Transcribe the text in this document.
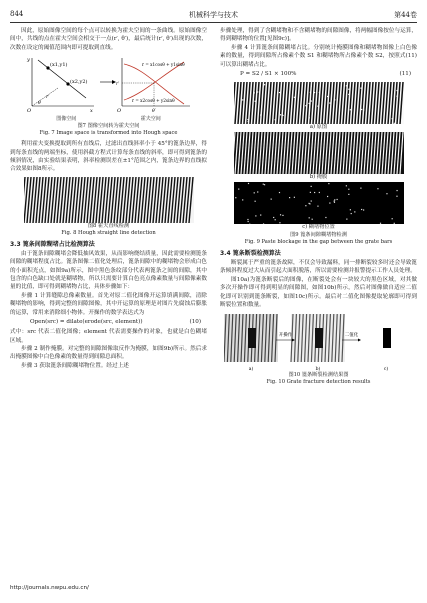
844	机械科学与技术	第44卷

因此，原始图像空间的每个点可以转换为霍夫空间的一条曲线。原始图像空间中，共线的点在霍夫空间会相交于一点(r′, θ′)，最后统计(r′, θ′)出现的次数，次数在设定的阈值范围内即可提取到直线。

(x1,y1)
(x2,y2)
x
y
O
r
θ
r = x1cosθ + y1sinθ
r = x2cosθ + y2sinθ
r′
θ′
O
图像空间	霍夫空间

图7 图像空间转为霍夫空间

Fig. 7 Image space is transformed into Hough space

利用霍夫变换提取到所有直线后，过滤出直线斜率小于 45°的篦条边界，得到每条直线的两端坐标，使用斜截方程式计算每条直线的斜率，即可得到篦条的倾斜情况，由实验结果表明，斜率检测误差在±1°范围之内，篦条边界的直线拟合效果如图8所示。

图8 霍夫直线检测

Fig. 8 Hough straight line detection

3.3 篦条间隙糊堵占比检测算法

由于篦条间隙糊堵会降低抽风效果，从而影响烧结质量，因此需要检测篦条间隙的糊堵程度占比。篦条图像二值化处理后，篦条间隙中的糊堵物会形成白色的小面积光点，如图9a)所示，图中黑色条纹部分代表两篦条之间的间隙，其中包含的白色缺口处就是糊堵物，所以只需要计算白色亮点像素数量与间隙像素数量的比值，即可得到糊堵物占比，具体步骤如下：

步骤 1 计算缝隙总像素数量。首先对原二值化图像开运算填满间隙，清除糊堵物的影响，得到完整的间隙图像，其中开运算的原理是对图片先腐蚀后膨胀的运算，常用来消除细小物体。开操作的数学表达式为

Open(src) = dilate(erode(src, element))	(10)

式中：src 代表二值化图像；element 代表需要操作的对象，也就是白色糊堵区域。

步骤 2 制作掩膜。对完整的间隙图像取反作为掩膜，如图9b)所示。然后求出掩膜图像中白色像素的数量得到间隙总面积。

步骤 3 获取篦条间隙糊堵物位置。经过上述

http://journals.nwpu.edu.cn/

步骤处理，得到了含糊堵物和不含糊堵物的间隙图像，将两幅图像按位与运算，得到糊堵物的位置[见图9c)]。

步骤 4 计算篦条间隙糊堵占比。分别统计掩膜图像和糊堵物图像上白色像素的数量，得到间隙所占像素个数 S1 和糊堵物所占像素个数 S2，按照式(11)可以算出糊堵占比。

P = S2 / S1 × 100%	(11)

a) 原图

b) 掩膜

c) 糊堵物位置

图9 篦条间隙糊堵物检测

Fig. 9 Paste blockage in the gap between the grate bars

3.4 篦条断裂检测算法

断裂属于严重的篦条故障，不仅会导致漏料，同一排断裂较多时还会导致篦条倾斜程度过大从而引起大面积脱落，所以需要检测并报警提示工作人员处理。

图10a)为篦条断裂后的图像，在断裂处会有一块较大的黑色区域，对其做多次开操作即可得到明显的间隙图，如图10b)所示，然后对图像做自适应二值化即可识别到篦条断裂，如图10c)所示。最后对二值化图像提取轮廓即可得到断裂位置和数量。

开操作	二值化
a)	b)	c)

图10 篦条断裂检测结果图

Fig. 10 Grate fracture detection results
